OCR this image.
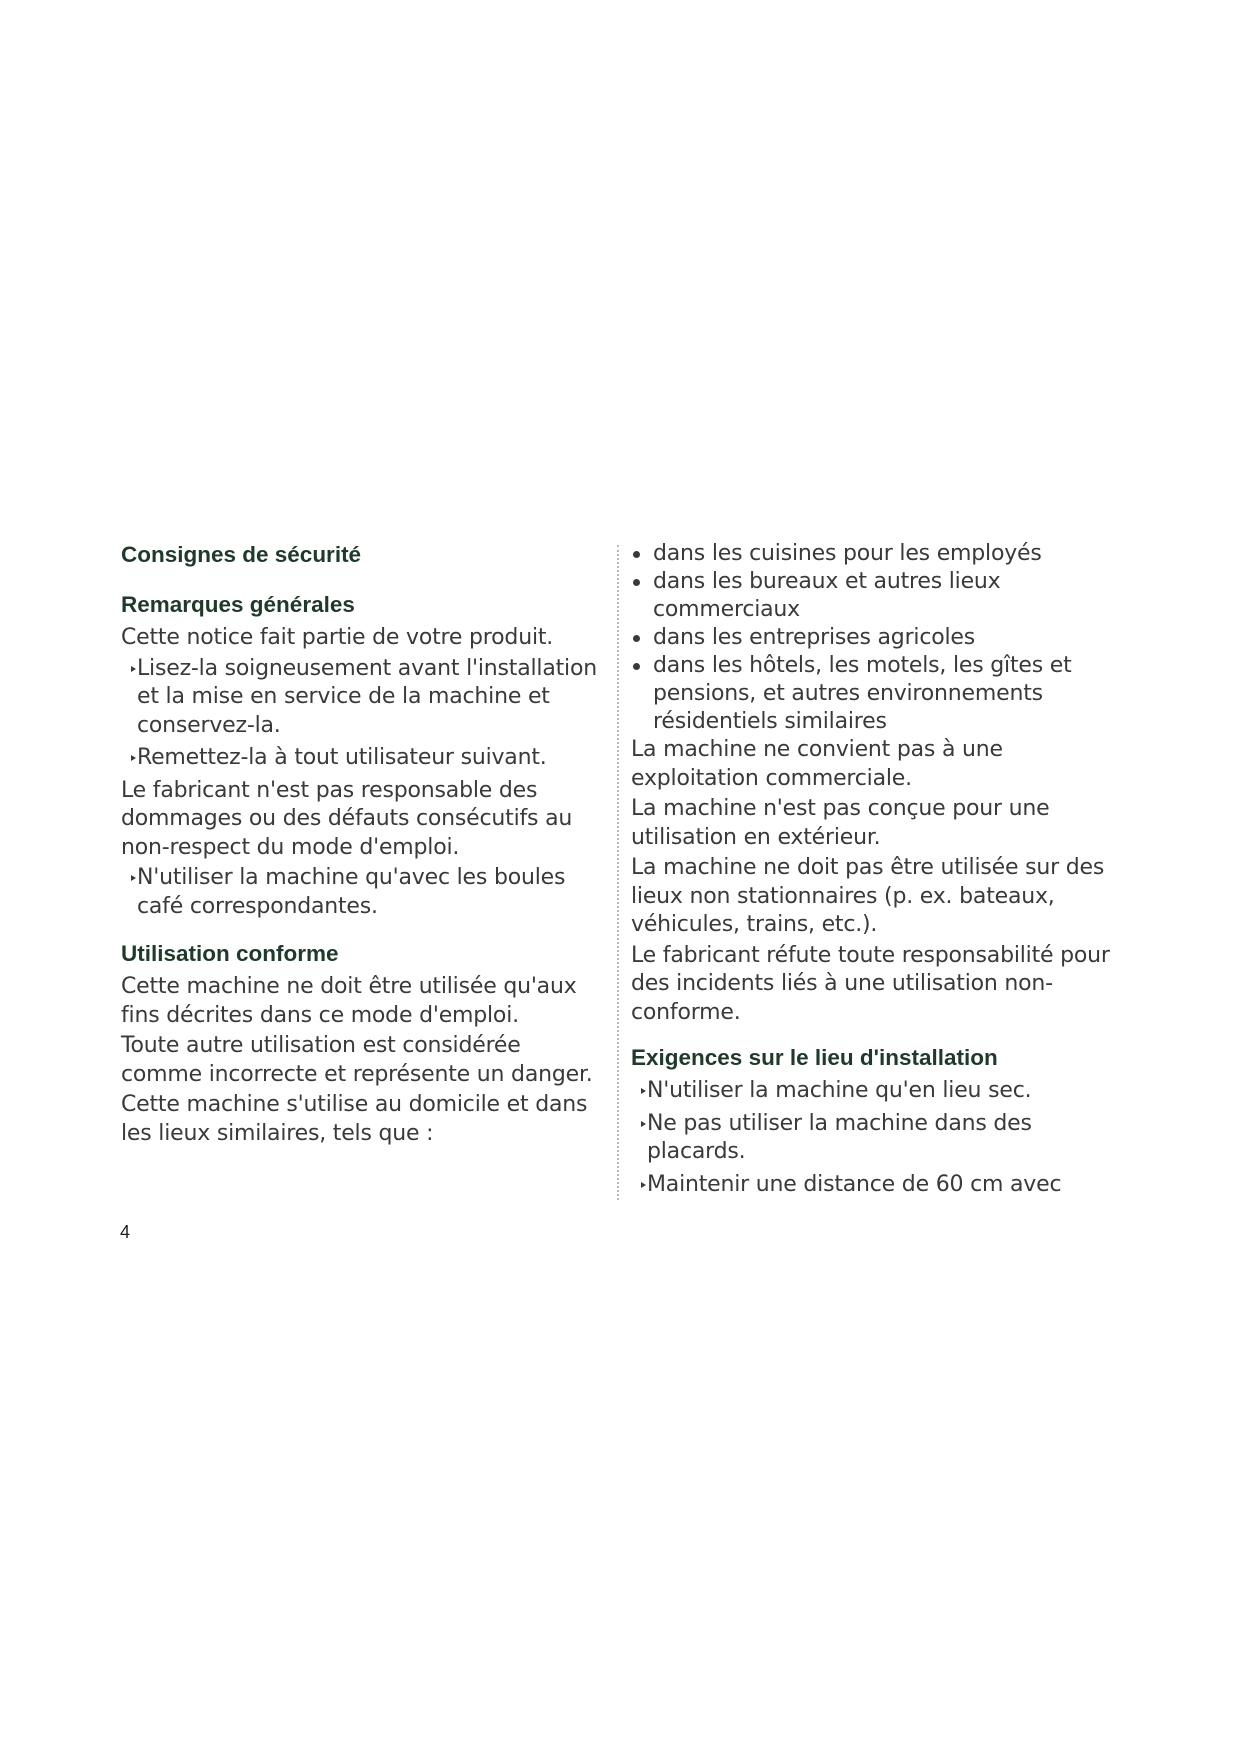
Consignes de sécurité
Remarques générales

Cette notice fait partie de votre produit.

Lisez-la soigneusement avant l'installation et la mise en service de la machine et conservez-la.

Remettez-la à tout utilisateur suivant.

Le fabricant n'est pas responsable des dommages ou des défauts consécutifs au non-respect du mode d'emploi.

N'utiliser la machine qu'avec les boules café correspondantes.

Utilisation conforme

Cette machine ne doit être utilisée qu'aux fins décrites dans ce mode d'emploi.

Toute autre utilisation est considérée comme incorrecte et représente un danger.

Cette machine s'utilise au domicile et dans les lieux similaires, tels que :

dans les cuisines pour les employés

dans les bureaux et autres lieux commerciaux

dans les entreprises agricoles

dans les hôtels, les motels, les gîtes et pensions, et autres environnements résidentiels similaires

La machine ne convient pas à une exploitation commerciale.

La machine n'est pas conçue pour une utilisation en extérieur.

La machine ne doit pas être utilisée sur des lieux non stationnaires (p. ex. bateaux, véhicules, trains, etc.).

Le fabricant réfute toute responsabilité pour des incidents liés à une utilisation non-conforme.

Exigences sur le lieu d'installation

N'utiliser la machine qu'en lieu sec.

Ne pas utiliser la machine dans des placards.

Maintenir une distance de 60 cm avec

4
